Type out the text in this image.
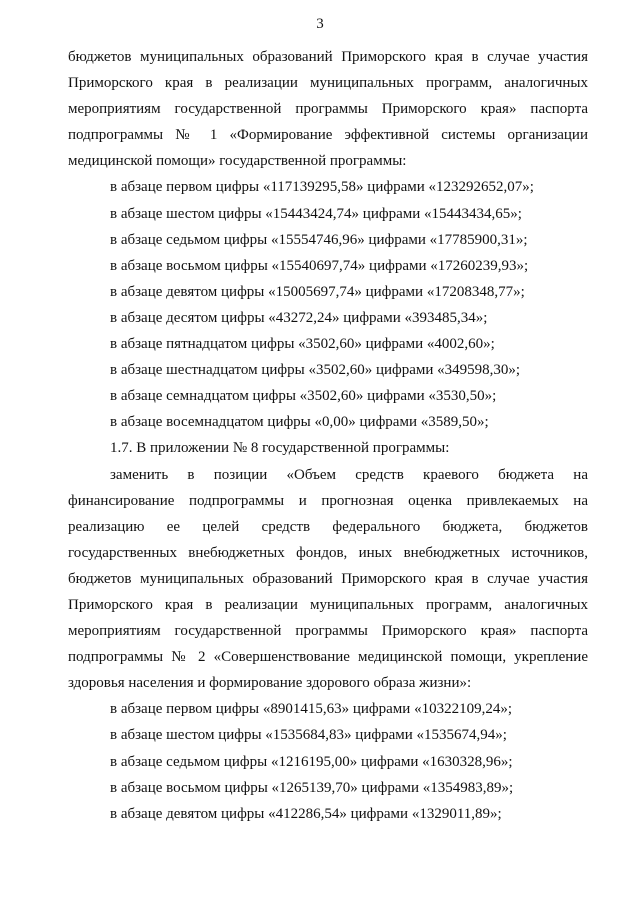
3
бюджетов муниципальных образований Приморского края в случае участия
Приморского края в реализации муниципальных программ, аналогичных
мероприятиям государственной программы Приморского края» паспорта
подпрограммы № 1 «Формирование эффективной системы организации
медицинской помощи» государственной программы:
в абзаце первом цифры «117139295,58» цифрами «123292652,07»;
в абзаце шестом цифры «15443424,74» цифрами «15443434,65»;
в абзаце седьмом цифры «15554746,96» цифрами «17785900,31»;
в абзаце восьмом цифры «15540697,74» цифрами «17260239,93»;
в абзаце девятом цифры «15005697,74» цифрами «17208348,77»;
в абзаце десятом цифры «43272,24» цифрами «393485,34»;
в абзаце пятнадцатом цифры «3502,60» цифрами «4002,60»;
в абзаце шестнадцатом цифры «3502,60» цифрами «349598,30»;
в абзаце семнадцатом цифры «3502,60» цифрами «3530,50»;
в абзаце восемнадцатом цифры «0,00» цифрами «3589,50»;
1.7. В приложении № 8 государственной программы:
заменить в позиции «Объем средств краевого бюджета на
финансирование подпрограммы и прогнозная оценка привлекаемых на
реализацию ее целей средств федерального бюджета, бюджетов
государственных внебюджетных фондов, иных внебюджетных источников,
бюджетов муниципальных образований Приморского края в случае участия
Приморского края в реализации муниципальных программ, аналогичных
мероприятиям государственной программы Приморского края» паспорта
подпрограммы № 2 «Совершенствование медицинской помощи, укрепление
здоровья населения и формирование здорового образа жизни»:
в абзаце первом цифры «8901415,63» цифрами «10322109,24»;
в абзаце шестом цифры «1535684,83» цифрами «1535674,94»;
в абзаце седьмом цифры «1216195,00» цифрами «1630328,96»;
в абзаце восьмом цифры «1265139,70» цифрами «1354983,89»;
в абзаце девятом цифры «412286,54» цифрами «1329011,89»;
